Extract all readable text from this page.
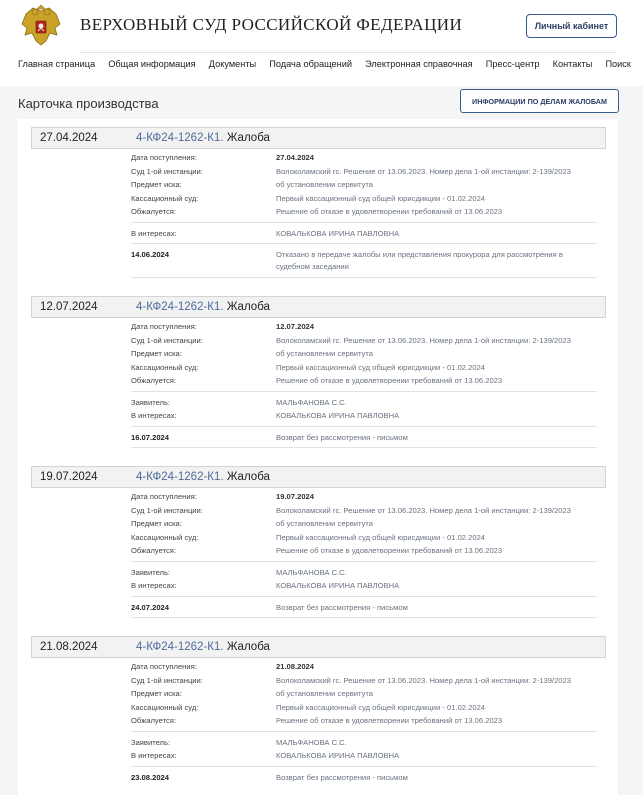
ВЕРХОВНЫЙ СУД РОССИЙСКОЙ ФЕДЕРАЦИИ	Личный кабинет
Главная страница Общая информация Документы Подача обращений Электронная справочная Пресс-центр Контакты Поиск
Карточка производства	ИНФОРМАЦИИ ПО ДЕЛАМ ЖАЛОБАМ
27.04.2024	4-КФ24-1262-К1. Жалоба
Дата поступления:	27.04.2024
Суд 1-ой инстанции:	Волоколамский гс. Решение от 13.06.2023. Номер дела 1-ой инстанции: 2-139/2023
Предмет иска:	об установлении сервитута
Кассационный суд:	Первый кассационный суд общей юрисдикции - 01.02.2024
Обжалуется:	Решение об отказе в удовлетворении требований от 13.06.2023
В интересах:	КОВАЛЬКОВА ИРИНА ПАВЛОВНА
14.06.2024	Отказано в передаче жалобы или представления прокурора для рассмотрения в судебном заседании
12.07.2024	4-КФ24-1262-К1. Жалоба
Дата поступления:	12.07.2024
Суд 1-ой инстанции:	Волоколамский гс. Решение от 13.06.2023. Номер дела 1-ой инстанции: 2-139/2023
Предмет иска:	об установлении сервитута
Кассационный суд:	Первый кассационный суд общей юрисдикции - 01.02.2024
Обжалуется:	Решение об отказе в удовлетворении требований от 13.06.2023
Заявитель:	МАЛЬФАНОВА С.С.
В интересах:	КОВАЛЬКОВА ИРИНА ПАВЛОВНА
16.07.2024	Возврат без рассмотрения - письмом
19.07.2024	4-КФ24-1262-К1. Жалоба
Дата поступления:	19.07.2024
Суд 1-ой инстанции:	Волоколамский гс. Решение от 13.06.2023. Номер дела 1-ой инстанции: 2-139/2023
Предмет иска:	об установлении сервитута
Кассационный суд:	Первый кассационный суд общей юрисдикции - 01.02.2024
Обжалуется:	Решение об отказе в удовлетворении требований от 13.06.2023
Заявитель:	МАЛЬФАНОВА С.С.
В интересах:	КОВАЛЬКОВА ИРИНА ПАВЛОВНА
24.07.2024	Возврат без рассмотрения - письмом
21.08.2024	4-КФ24-1262-К1. Жалоба
Дата поступления:	21.08.2024
Суд 1-ой инстанции:	Волоколамский гс. Решение от 13.06.2023. Номер дела 1-ой инстанции: 2-139/2023
Предмет иска:	об установлении сервитута
Кассационный суд:	Первый кассационный суд общей юрисдикции - 01.02.2024
Обжалуется:	Решение об отказе в удовлетворении требований от 13.06.2023
Заявитель:	МАЛЬФАНОВА С.С.
В интересах:	КОВАЛЬКОВА ИРИНА ПАВЛОВНА
23.08.2024	Возврат без рассмотрения - письмом
